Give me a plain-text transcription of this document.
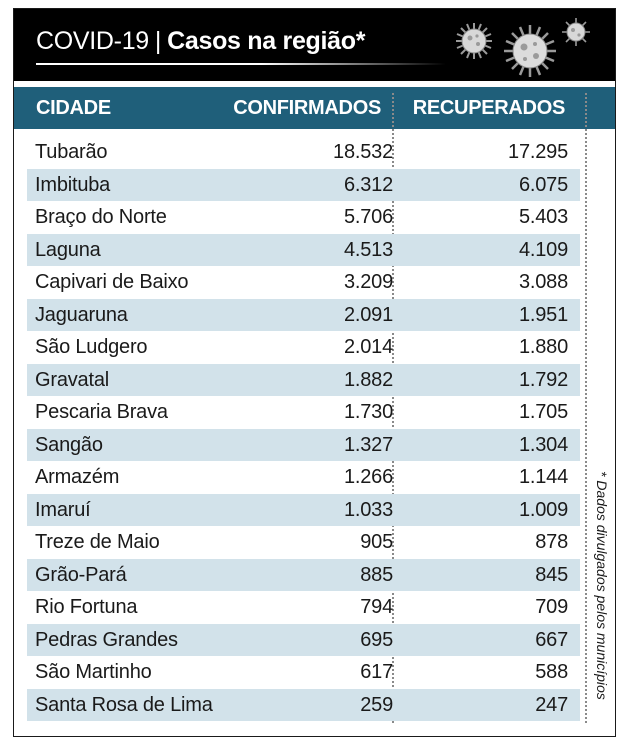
COVID-19 | Casos na região*
CIDADE	CONFIRMADOS RECUPERADOS
Tubarão	18.532	17.295
Imbituba	6.312	6.075
Braço do Norte	5.706	5.403
Laguna	4.513	4.109
Capivari de Baixo	3.209	3.088
Jaguaruna	2.091	1.951
São Ludgero	2.014	1.880
Gravatal	1.882	1.792
Pescaria Brava	1.730	1.705
Sangão	1.327	1.304
Armazém	1.266	1.144
Imaruí	1.033	1.009
Treze de Maio	905	878
Grão-Pará	885	845
Rio Fortuna	794	709
Pedras Grandes	695	667
São Martinho	617	588
Santa Rosa de Lima	259	247
* Dados divulgados pelos municípios
